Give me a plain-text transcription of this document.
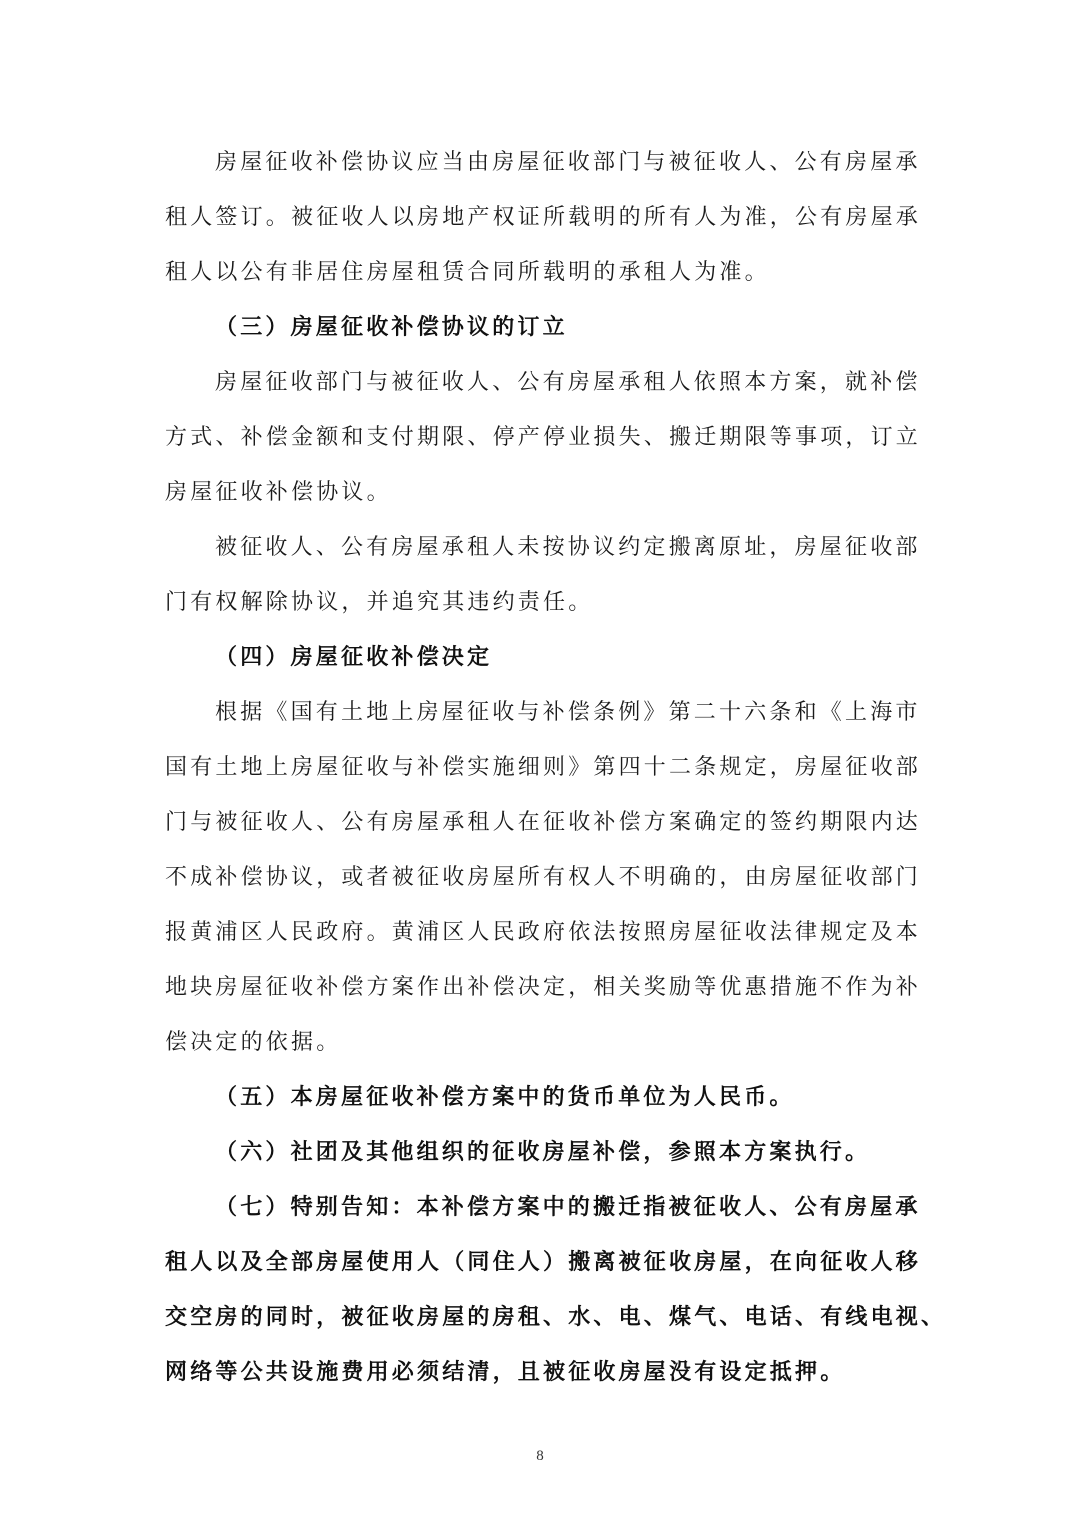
房屋征收补偿协议应当由房屋征收部门与被征收人、公有房屋承

租人签订。被征收人以房地产权证所载明的所有人为准，公有房屋承

租人以公有非居住房屋租赁合同所载明的承租人为准。

（三）房屋征收补偿协议的订立

房屋征收部门与被征收人、公有房屋承租人依照本方案，就补偿

方式、补偿金额和支付期限、停产停业损失、搬迁期限等事项，订立

房屋征收补偿协议。

被征收人、公有房屋承租人未按协议约定搬离原址，房屋征收部

门有权解除协议，并追究其违约责任。

（四）房屋征收补偿决定

根据《国有土地上房屋征收与补偿条例》第二十六条和《上海市

国有土地上房屋征收与补偿实施细则》第四十二条规定，房屋征收部

门与被征收人、公有房屋承租人在征收补偿方案确定的签约期限内达

不成补偿协议，或者被征收房屋所有权人不明确的，由房屋征收部门

报黄浦区人民政府。黄浦区人民政府依法按照房屋征收法律规定及本

地块房屋征收补偿方案作出补偿决定，相关奖励等优惠措施不作为补

偿决定的依据。

（五）本房屋征收补偿方案中的货币单位为人民币。

（六）社团及其他组织的征收房屋补偿，参照本方案执行。

（七）特别告知：本补偿方案中的搬迁指被征收人、公有房屋承

租人以及全部房屋使用人（同住人）搬离被征收房屋，在向征收人移

交空房的同时，被征收房屋的房租、水、电、煤气、电话、有线电视、

网络等公共设施费用必须结清，且被征收房屋没有设定抵押。

8
